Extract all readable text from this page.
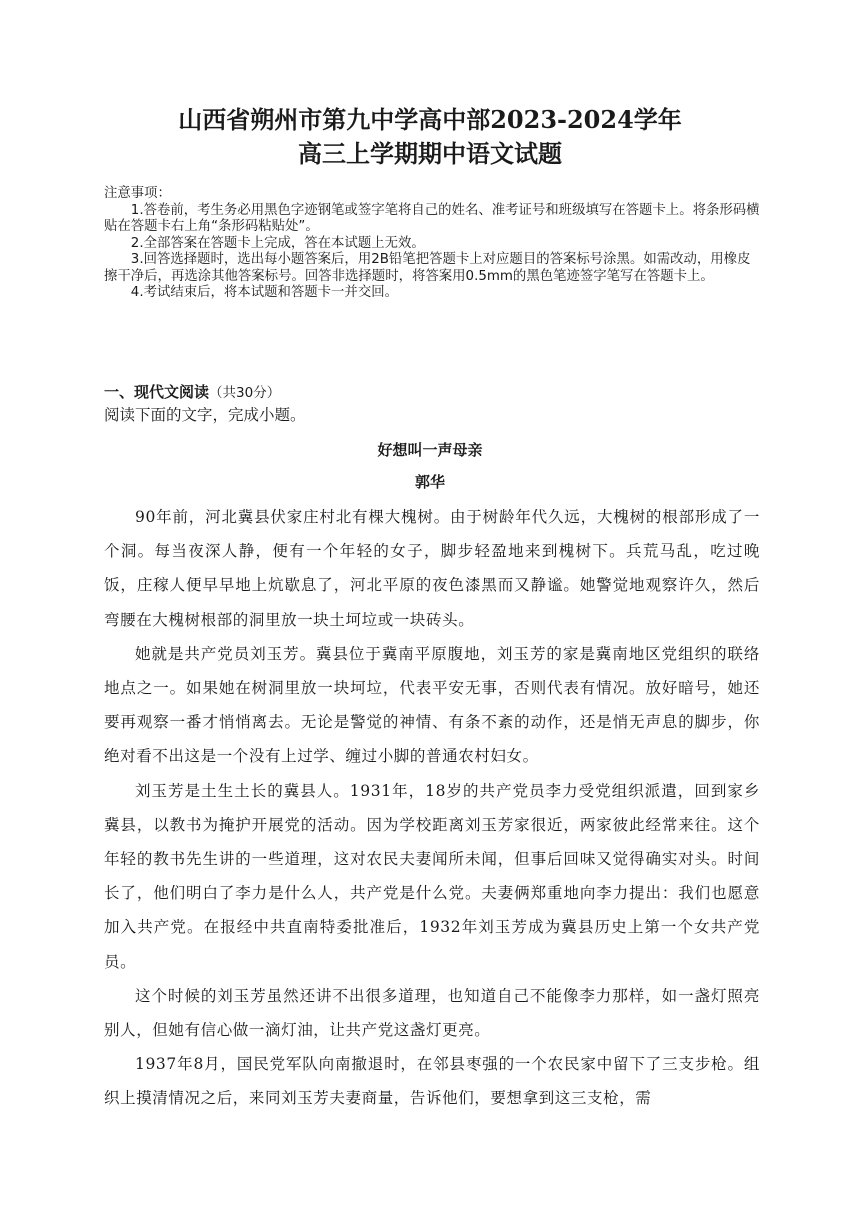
山西省朔州市第九中学高中部2023-2024学年
高三上学期期中语文试题
注意事项：

1.答卷前，考生务必用黑色字迹钢笔或签字笔将自己的姓名、准考证号和班级填写在答题卡上。将条形码横贴在答题卡右上角“条形码粘贴处”。

2.全部答案在答题卡上完成，答在本试题上无效。

3.回答选择题时，选出每小题答案后，用2B铅笔把答题卡上对应题目的答案标号涂黑。如需改动，用橡皮擦干净后，再选涂其他答案标号。回答非选择题时，将答案用0.5mm的黑色笔迹签字笔写在答题卡上。

4.考试结束后，将本试题和答题卡一并交回。

一、现代文阅读（共30分）
阅读下面的文字，完成小题。
好想叫一声母亲
郭华

90年前，河北冀县伏家庄村北有棵大槐树。由于树龄年代久远，大槐树的根部形成了一个洞。每当夜深人静，便有一个年轻的女子，脚步轻盈地来到槐树下。兵荒马乱，吃过晚饭，庄稼人便早早地上炕歇息了，河北平原的夜色漆黑而又静谧。她警觉地观察许久，然后弯腰在大槐树根部的洞里放一块土坷垃或一块砖头。

她就是共产党员刘玉芳。冀县位于冀南平原腹地，刘玉芳的家是冀南地区党组织的联络地点之一。如果她在树洞里放一块坷垃，代表平安无事，否则代表有情况。放好暗号，她还要再观察一番才悄悄离去。无论是警觉的神情、有条不紊的动作，还是悄无声息的脚步，你绝对看不出这是一个没有上过学、缠过小脚的普通农村妇女。

刘玉芳是土生土长的冀县人。1931年，18岁的共产党员李力受党组织派遣，回到家乡冀县，以教书为掩护开展党的活动。因为学校距离刘玉芳家很近，两家彼此经常来往。这个年轻的教书先生讲的一些道理，这对农民夫妻闻所未闻，但事后回味又觉得确实对头。时间长了，他们明白了李力是什么人，共产党是什么党。夫妻俩郑重地向李力提出：我们也愿意加入共产党。在报经中共直南特委批准后，1932年刘玉芳成为冀县历史上第一个女共产党员。

这个时候的刘玉芳虽然还讲不出很多道理，也知道自己不能像李力那样，如一盏灯照亮别人，但她有信心做一滴灯油，让共产党这盏灯更亮。

1937年8月，国民党军队向南撤退时，在邻县枣强的一个农民家中留下了三支步枪。组织上摸清情况之后，来同刘玉芳夫妻商量，告诉他们，要想拿到这三支枪，需
